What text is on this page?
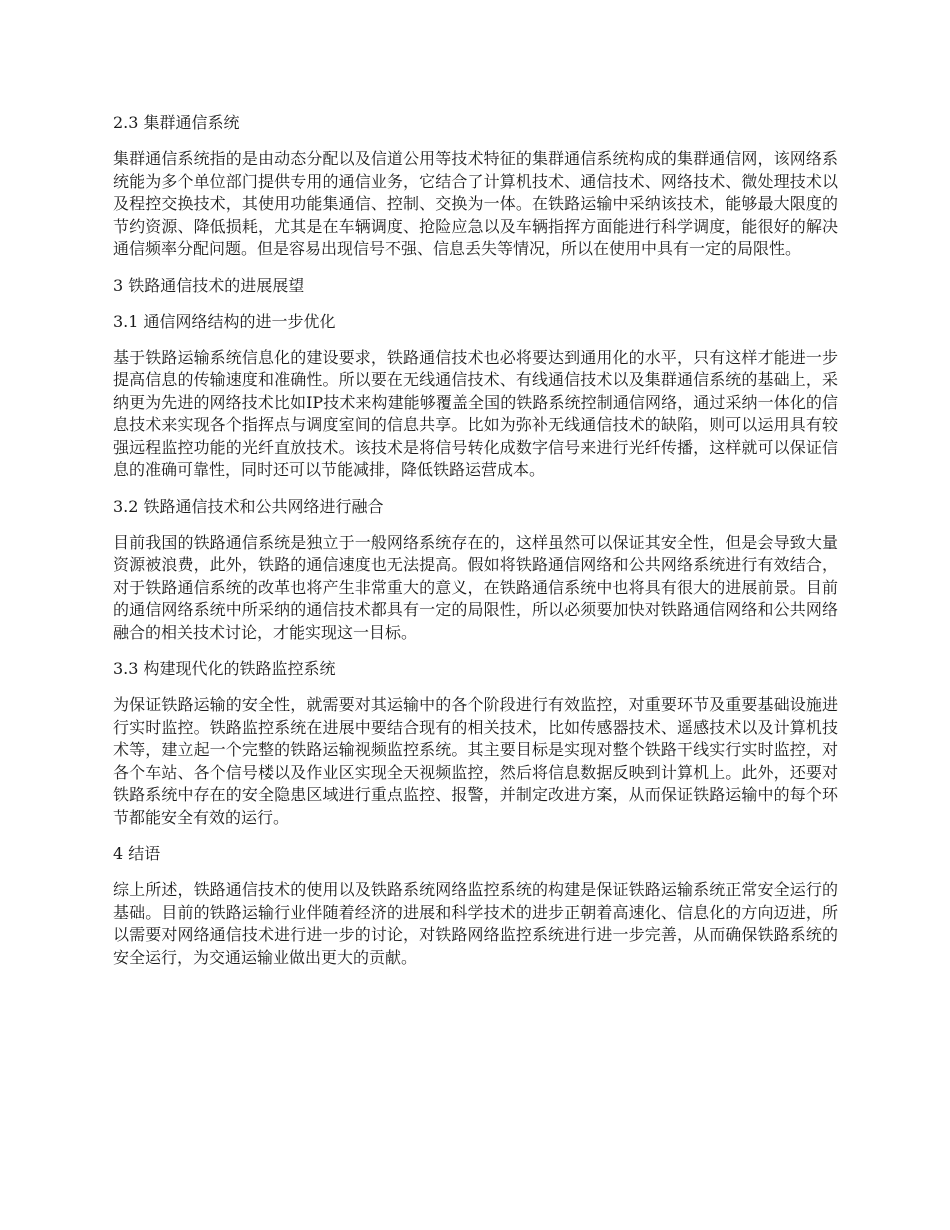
2.3 集群通信系统

集群通信系统指的是由动态分配以及信道公用等技术特征的集群通信系统构成的集群通信网，该网络系统能为多个单位部门提供专用的通信业务，它结合了计算机技术、通信技术、网络技术、微处理技术以及程控交换技术，其使用功能集通信、控制、交换为一体。在铁路运输中采纳该技术，能够最大限度的节约资源、降低损耗，尤其是在车辆调度、抢险应急以及车辆指挥方面能进行科学调度，能很好的解决通信频率分配问题。但是容易出现信号不强、信息丢失等情况，所以在使用中具有一定的局限性。

3 铁路通信技术的进展展望
3.1 通信网络结构的进一步优化

基于铁路运输系统信息化的建设要求，铁路通信技术也必将要达到通用化的水平，只有这样才能进一步提高信息的传输速度和准确性。所以要在无线通信技术、有线通信技术以及集群通信系统的基础上，采纳更为先进的网络技术比如IP技术来构建能够覆盖全国的铁路系统控制通信网络，通过采纳一体化的信息技术来实现各个指挥点与调度室间的信息共享。比如为弥补无线通信技术的缺陷，则可以运用具有较强远程监控功能的光纤直放技术。该技术是将信号转化成数字信号来进行光纤传播，这样就可以保证信息的准确可靠性，同时还可以节能减排，降低铁路运营成本。

3.2 铁路通信技术和公共网络进行融合

目前我国的铁路通信系统是独立于一般网络系统存在的，这样虽然可以保证其安全性，但是会导致大量资源被浪费，此外，铁路的通信速度也无法提高。假如将铁路通信网络和公共网络系统进行有效结合，对于铁路通信系统的改革也将产生非常重大的意义，在铁路通信系统中也将具有很大的进展前景。目前的通信网络系统中所采纳的通信技术都具有一定的局限性，所以必须要加快对铁路通信网络和公共网络融合的相关技术讨论，才能实现这一目标。

3.3 构建现代化的铁路监控系统

为保证铁路运输的安全性，就需要对其运输中的各个阶段进行有效监控，对重要环节及重要基础设施进行实时监控。铁路监控系统在进展中要结合现有的相关技术，比如传感器技术、遥感技术以及计算机技术等，建立起一个完整的铁路运输视频监控系统。其主要目标是实现对整个铁路干线实行实时监控，对各个车站、各个信号楼以及作业区实现全天视频监控，然后将信息数据反映到计算机上。此外，还要对铁路系统中存在的安全隐患区域进行重点监控、报警，并制定改进方案，从而保证铁路运输中的每个环节都能安全有效的运行。

4 结语

综上所述，铁路通信技术的使用以及铁路系统网络监控系统的构建是保证铁路运输系统正常安全运行的基础。目前的铁路运输行业伴随着经济的进展和科学技术的进步正朝着高速化、信息化的方向迈进，所以需要对网络通信技术进行进一步的讨论，对铁路网络监控系统进行进一步完善，从而确保铁路系统的安全运行，为交通运输业做出更大的贡献。
